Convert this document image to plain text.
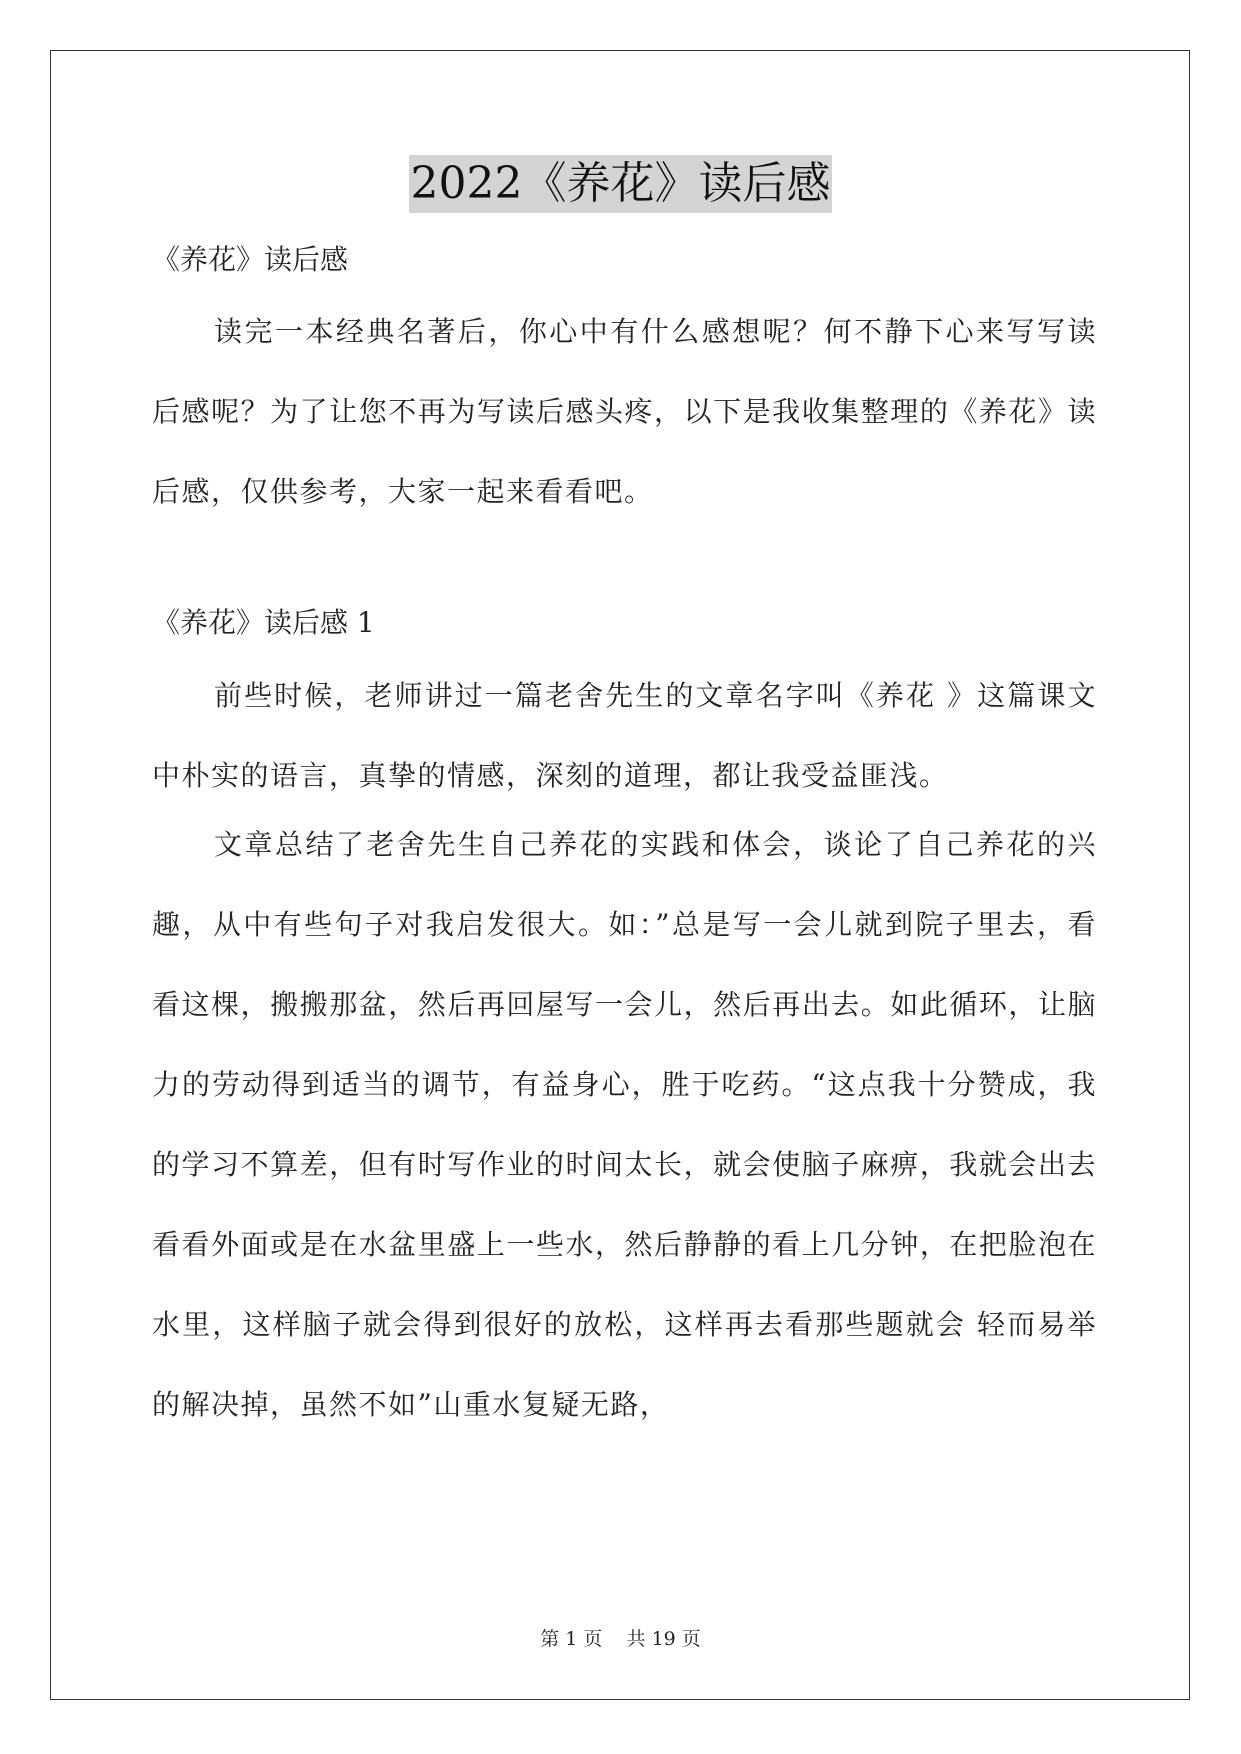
2022《养花》读后感
《养花》读后感

读完一本经典名著后，你心中有什么感想呢？何不静下心来写写读后感呢？为了让您不再为写读后感头疼，以下是我收集整理的《养花》读后感，仅供参考，大家一起来看看吧。

《养花》读后感 1

前些时候，老师讲过一篇老舍先生的文章名字叫《养花 》这篇课文中朴实的语言，真挚的情感，深刻的道理，都让我受益匪浅。

文章总结了老舍先生自己养花的实践和体会，谈论了自己养花的兴趣，从中有些句子对我启发很大。如：”总是写一会儿就到院子里去，看看这棵，搬搬那盆，然后再回屋写一会儿，然后再出去。如此循环，让脑力的劳动得到适当的调节，有益身心，胜于吃药。“这点我十分赞成，我的学习不算差，但有时写作业的时间太长，就会使脑子麻痹，我就会出去看看外面或是在水盆里盛上一些水，然后静静的看上几分钟，在把脸泡在水里，这样脑子就会得到很好的放松，这样再去看那些题就会 轻而易举的解决掉，虽然不如”山重水复疑无路，

第 1 页 共 19 页
